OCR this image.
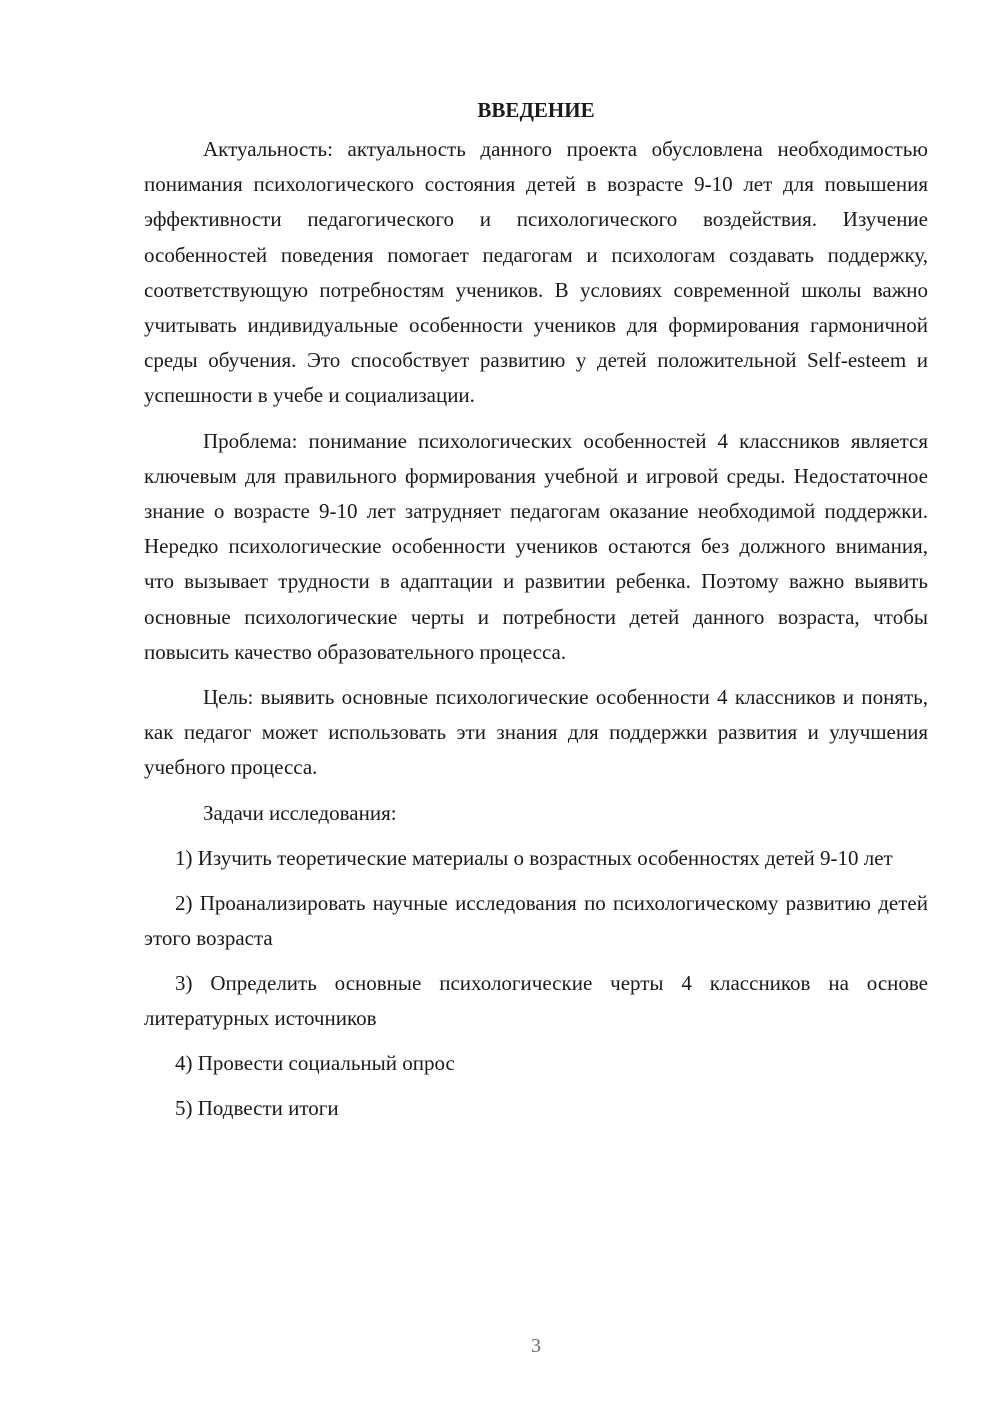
ВВЕДЕНИЕ

Актуальность: актуальность данного проекта обусловлена необходимостью понимания психологического состояния детей в возрасте 9-10 лет для повышения эффективности педагогического и психологического воздействия. Изучение особенностей поведения помогает педагогам и психологам создавать поддержку, соответствующую потребностям учеников. В условиях современной школы важно учитывать индивидуальные особенности учеников для формирования гармоничной среды обучения. Это способствует развитию у детей положительной Self-esteem и успешности в учебе и социализации.

Проблема: понимание психологических особенностей 4 классников является ключевым для правильного формирования учебной и игровой среды. Недостаточное знание о возрасте 9-10 лет затрудняет педагогам оказание необходимой поддержки. Нередко психологические особенности учеников остаются без должного внимания, что вызывает трудности в адаптации и развитии ребенка. Поэтому важно выявить основные психологические черты и потребности детей данного возраста, чтобы повысить качество образовательного процесса.

Цель: выявить основные психологические особенности 4 классников и понять, как педагог может использовать эти знания для поддержки развития и улучшения учебного процесса.

Задачи исследования:

1) Изучить теоретические материалы о возрастных особенностях детей 9-10 лет

2) Проанализировать научные исследования по психологическому развитию детей этого возраста

3) Определить основные психологические черты 4 классников на основе литературных источников

4) Провести социальный опрос

5) Подвести итоги

3
